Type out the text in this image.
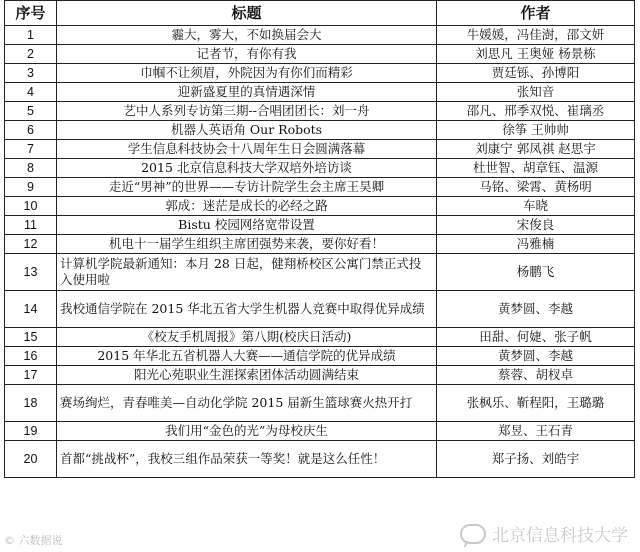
序号	标题	作者
1	霾大，雾大，不如换届会大	牛媛媛，冯佳澍，邵文妍
2	记者节，有你有我	刘思凡 王奥娅 杨景栋
3	巾帼不让须眉，外院因为有你们而精彩	贾廷铄、孙博阳
4	迎新盛夏里的真情遇深情	张知音
5	艺中人系列专访第三期--合唱团团长：刘一舟	邵凡、邢季双悦、崔璃丞
6	机器人英语角 Our Robots	徐筝 王帅帅
7	学生信息科技协会十八周年生日会圆满落幕	刘康宁 郭凤祺 赵思宇
8	2015 北京信息科技大学双培外培访谈	杜世智、胡章钰、温源
9	走近“男神”的世界——专访计院学生会主席王昊卿	马铭、梁霄、黄杨明
10	郭成：迷茫是成长的必经之路	车晓
11	Bistu 校园网络宽带设置	宋俊良
12	机电十一届学生组织主席团强势来袭，要你好看！	冯雅楠
13	计算机学院最新通知：本月 28 日起，健翔桥校区公寓门禁正式投入使用啦	杨鹏飞
14	我校通信学院在 2015 华北五省大学生机器人竞赛中取得优异成绩	黄梦圆、李越
15	《校友手机周报》第八期(校庆日活动)	田甜、何婕、张子帆
16	2015 年华北五省机器人大赛——通信学院的优异成绩	黄梦圆、李越
17	阳光心苑职业生涯探索团体活动圆满结束	蔡蓉、胡杈卓
18	赛场绚烂，青春唯美—自动化学院 2015 届新生篮球赛火热开打	张枫乐、靳程阳，王璐璐
19	我们用“金色的光”为母校庆生	郑昱、王石青
20	首都“挑战杯”，我校三组作品荣获一等奖！就是这么任性！	郑子扬、刘皓宇
© 六数据说	北京信息科技大学
